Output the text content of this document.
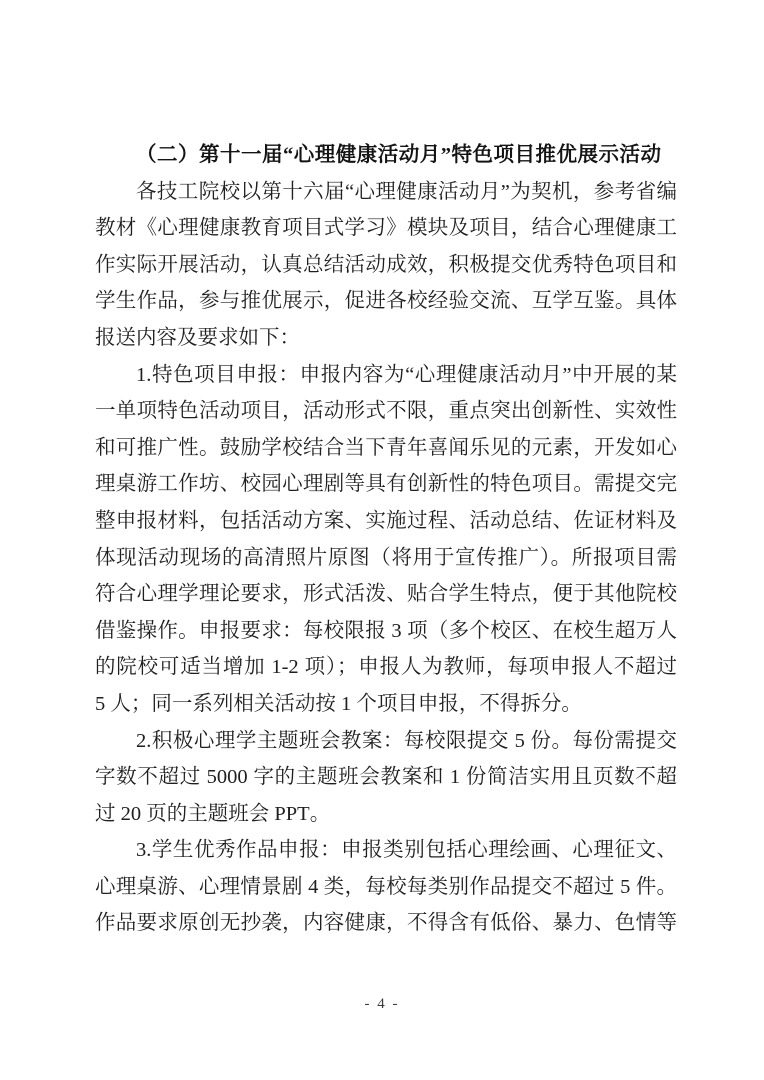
（二）第十一届“心理健康活动月”特色项目推优展示活动
各技工院校以第十六届“心理健康活动月”为契机，参考省编
教材《心理健康教育项目式学习》模块及项目，结合心理健康工
作实际开展活动，认真总结活动成效，积极提交优秀特色项目和
学生作品，参与推优展示，促进各校经验交流、互学互鉴。具体
报送内容及要求如下：
1.特色项目申报：申报内容为“心理健康活动月”中开展的某
一单项特色活动项目，活动形式不限，重点突出创新性、实效性
和可推广性。鼓励学校结合当下青年喜闻乐见的元素，开发如心
理桌游工作坊、校园心理剧等具有创新性的特色项目。需提交完
整申报材料，包括活动方案、实施过程、活动总结、佐证材料及
体现活动现场的高清照片原图（将用于宣传推广）。所报项目需
符合心理学理论要求，形式活泼、贴合学生特点，便于其他院校
借鉴操作。申报要求：每校限报 3 项（多个校区、在校生超万人
的院校可适当增加 1-2 项）；申报人为教师，每项申报人不超过
5 人；同一系列相关活动按 1 个项目申报，不得拆分。
2.积极心理学主题班会教案：每校限提交 5 份。每份需提交
字数不超过 5000 字的主题班会教案和 1 份简洁实用且页数不超
过 20 页的主题班会 PPT。
3.学生优秀作品申报：申报类别包括心理绘画、心理征文、
心理桌游、心理情景剧 4 类，每校每类别作品提交不超过 5 件。
作品要求原创无抄袭，内容健康，不得含有低俗、暴力、色情等
- 4 -
